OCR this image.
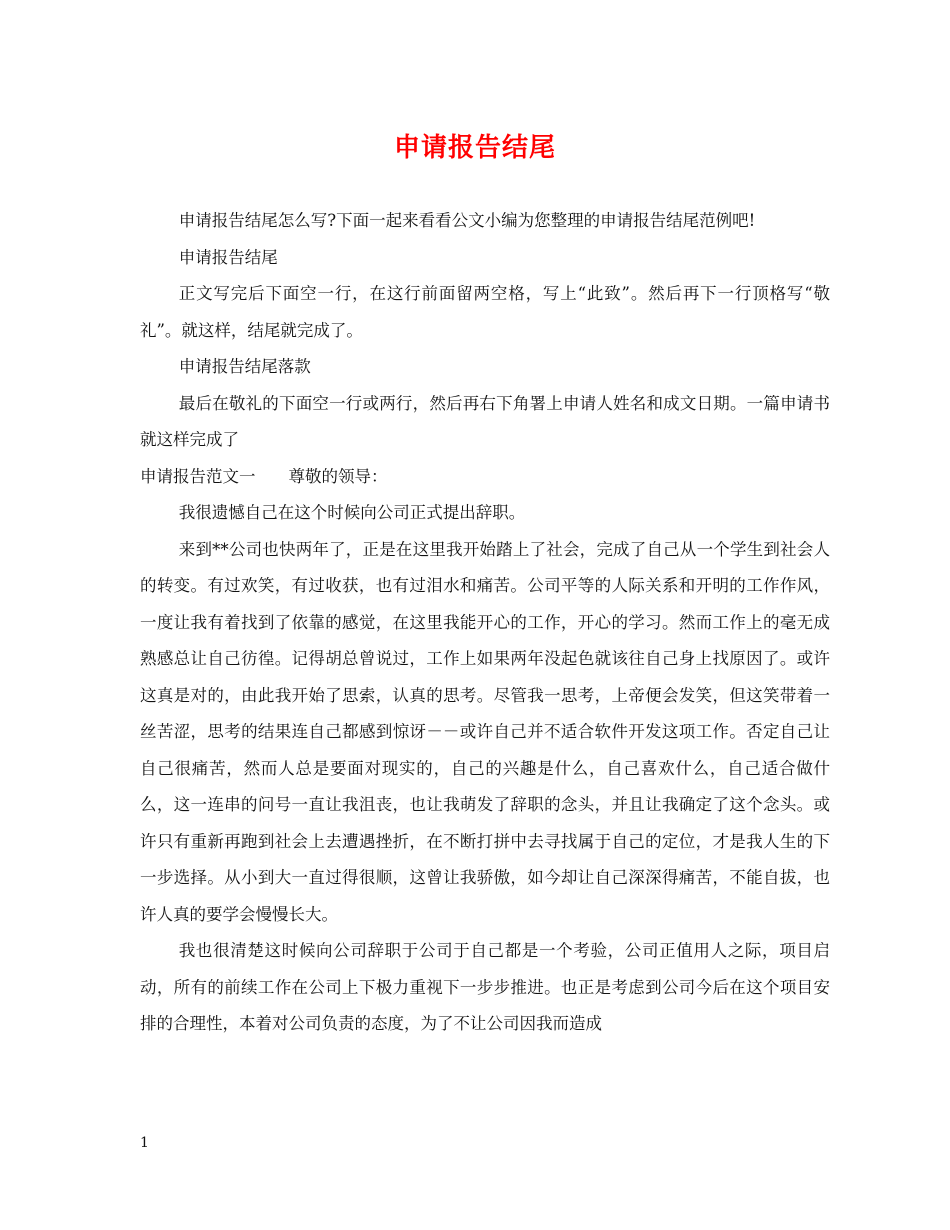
申请报告结尾

申请报告结尾怎么写?下面一起来看看公文小编为您整理的申请报告结尾范例吧!

申请报告结尾

正文写完后下面空一行，在这行前面留两空格，写上“此致”。然后再下一行顶格写“敬礼”。就这样，结尾就完成了。

申请报告结尾落款

最后在敬礼的下面空一行或两行，然后再右下角署上申请人姓名和成文日期。一篇申请书就这样完成了

申请报告范文一　　尊敬的领导：

我很遗憾自己在这个时候向公司正式提出辞职。

来到**公司也快两年了，正是在这里我开始踏上了社会，完成了自己从一个学生到社会人的转变。有过欢笑，有过收获，也有过泪水和痛苦。公司平等的人际关系和开明的工作作风，一度让我有着找到了依靠的感觉，在这里我能开心的工作，开心的学习。然而工作上的毫无成熟感总让自己彷徨。记得胡总曾说过，工作上如果两年没起色就该往自己身上找原因了。或许这真是对的，由此我开始了思索，认真的思考。尽管我一思考，上帝便会发笑，但这笑带着一丝苦涩，思考的结果连自己都感到惊讶－－或许自己并不适合软件开发这项工作。否定自己让自己很痛苦，然而人总是要面对现实的，自己的兴趣是什么，自己喜欢什么，自己适合做什么，这一连串的问号一直让我沮丧，也让我萌发了辞职的念头，并且让我确定了这个念头。或许只有重新再跑到社会上去遭遇挫折，在不断打拼中去寻找属于自己的定位，才是我人生的下一步选择。从小到大一直过得很顺，这曾让我骄傲，如今却让自己深深得痛苦，不能自拔，也许人真的要学会慢慢长大。

我也很清楚这时候向公司辞职于公司于自己都是一个考验，公司正值用人之际，项目启动，所有的前续工作在公司上下极力重视下一步步推进。也正是考虑到公司今后在这个项目安排的合理性，本着对公司负责的态度，为了不让公司因我而造成

1
